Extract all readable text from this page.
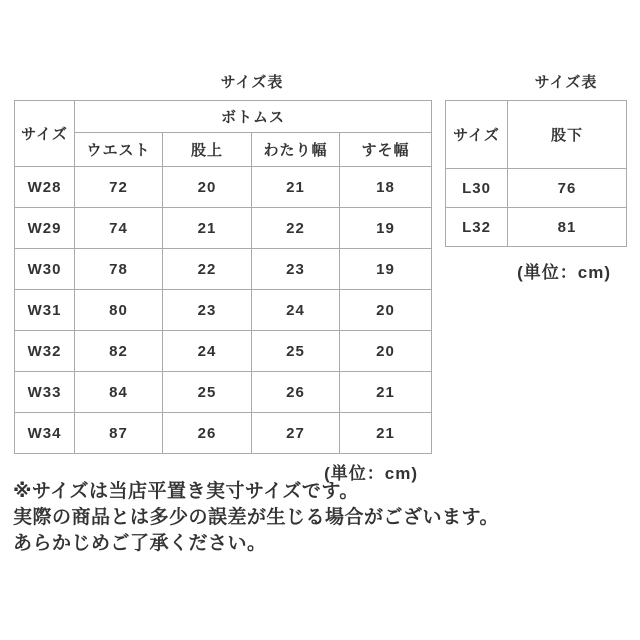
サイズ表	サイズ表
サイズ	ボトムス			
	ウエスト	股上	わたり幅	すそ幅
W28	72	20	21	18
W29	74	21	22	19
W30	78	22	23	19
W31	80	23	24	20
W32	82	24	25	20
W33	84	25	26	21
W34	87	26	27	21
(単位：cm)
サイズ	股下
L30	76
L32	81
(単位：cm)
※サイズは当店平置き実寸サイズです。
実際の商品とは多少の誤差が生じる場合がございます。
あらかじめご了承ください。
